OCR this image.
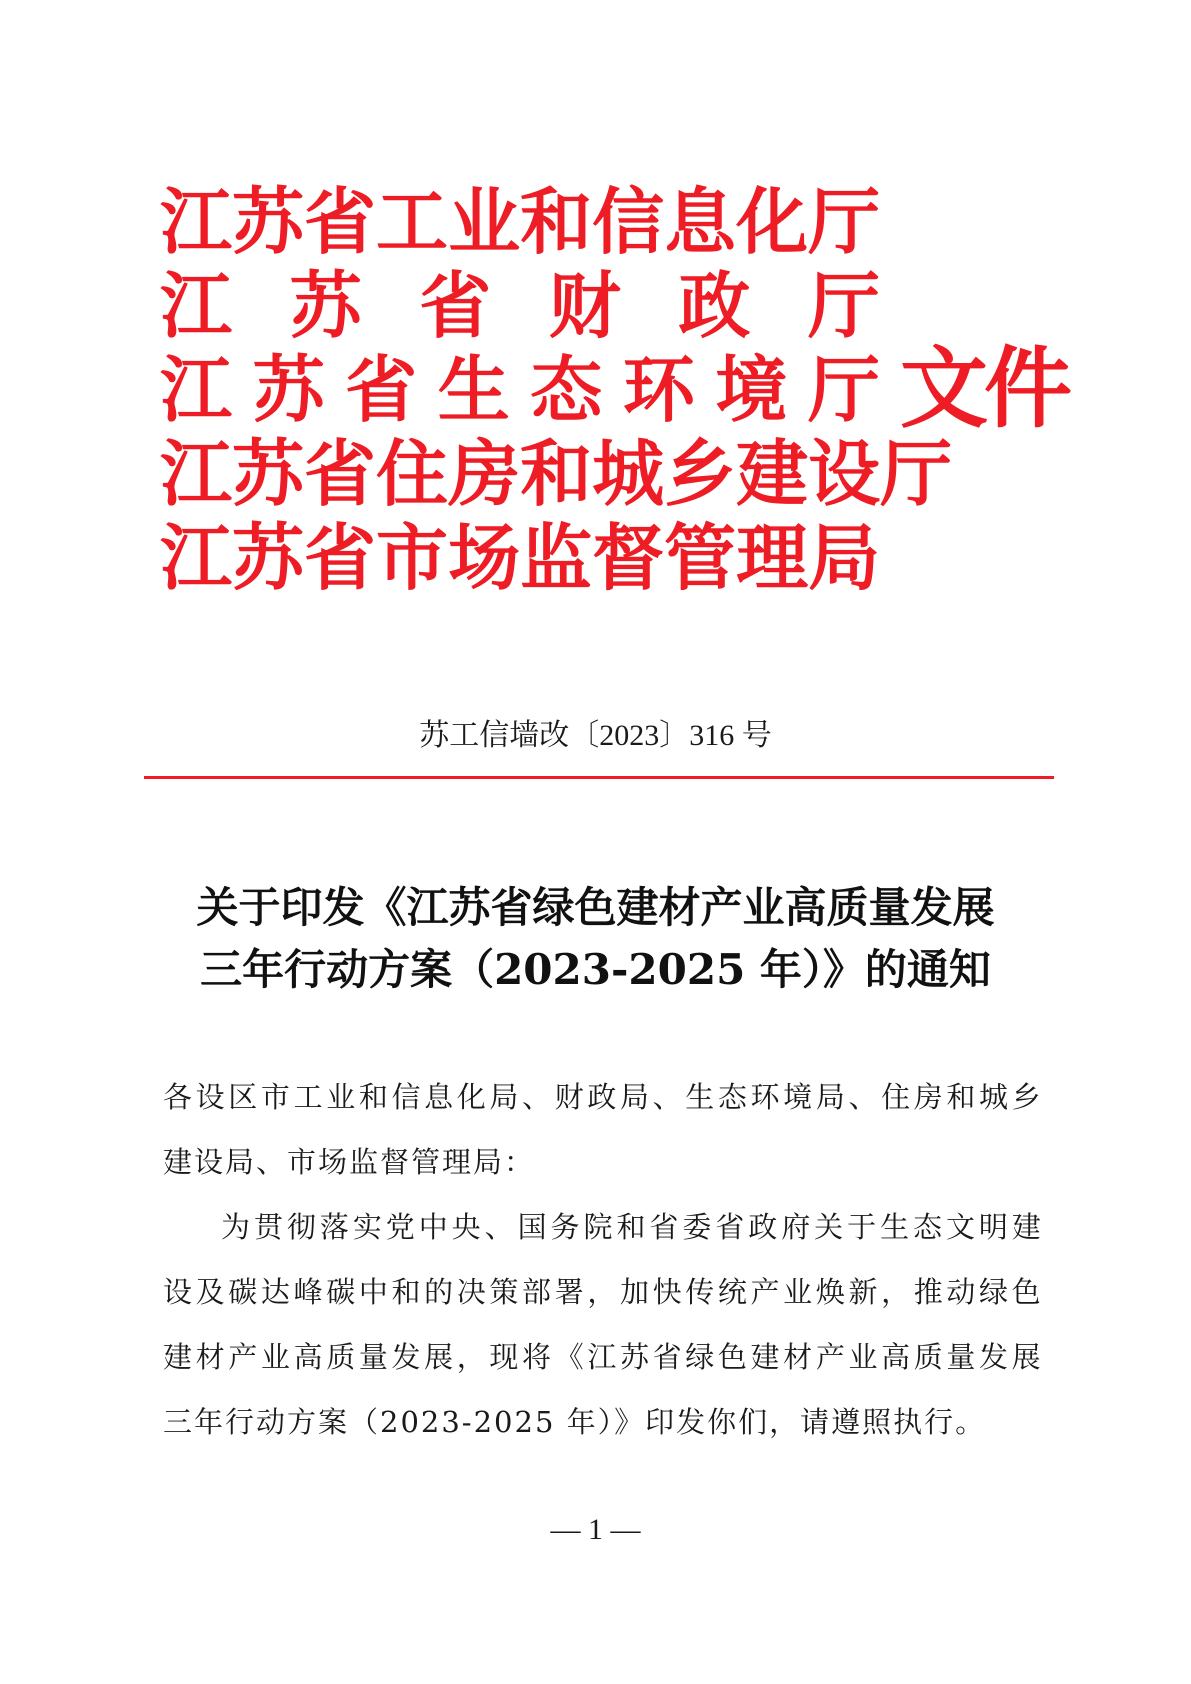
江 苏 省 工 业 和 信 息 化 厅
江 苏 省 财 政 厅
江 苏 省 生 态 环 境 厅
江 苏 省 住 房 和 城 乡 建 设 厅
江 苏 省 市 场 监 督 管 理 局
文件
苏工信墙改〔2023〕316 号
关于印发《江苏省绿色建材产业高质量发展
三年行动方案（2023-2025 年）》的通知
各 设 区 市 工 业 和 信 息 化 局 、 财 政 局 、 生 态 环 境 局 、 住 房 和 城 乡
建设局、市场监督管理局：
　　为 贯 彻 落 实 党 中 央 、 国 务 院 和 省 委 省 政 府 关 于 生 态 文 明 建
设 及 碳 达 峰 碳 中 和 的 决 策 部 署 ， 加 快 传 统 产 业 焕 新 ， 推 动 绿 色
建 材 产 业 高 质 量 发 展 ， 现 将 《 江 苏 省 绿 色 建 材 产 业 高 质 量 发 展
三年行动方案（2023-2025 年）》印发你们，请遵照执行。
— 1 —
